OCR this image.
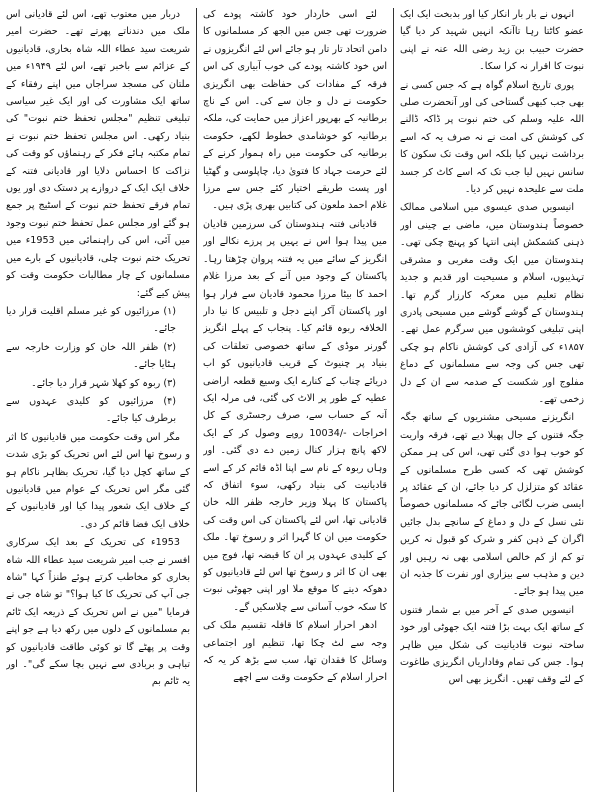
انہوں نے بار بار انکار کیا اور بدبخت ایک ایک عضو کاٹتا رہا تاآنکہ انہیں شہید کر دیا گیا حضرت حبیب بن زید رضی اللہ عنہ نے اپنی نبوت کا اقرار نہ کرا سکا۔

پوری تاریخ اسلام گواہ ہے کہ جس کسی نے بھی جب کبھی گستاخی کی اور آنحضرت صلی اللہ علیہ وسلم کی ختم نبوت پر ڈاکہ ڈالنے کی کوشش کی امت نے نہ صرف یہ کہ اسے برداشت نہیں کیا بلکہ اس وقت تک سکون کا سانس نہیں لیا جب تک کہ اسے کاٹ کر جسد ملت سے علیحدہ نہیں کر دیا۔

انیسویں صدی عیسوی میں اسلامی ممالک خصوصاً ہندوستان میں، ماضی بے چینی اور ذہنی کشمکش اپنی انتہا کو پہنچ چکی تھی۔ ہندوستان میں ایک وقت مغربی و مشرقی تہذیبوں، اسلام و مسیحیت اور قدیم و جدید نظام تعلیم میں معرکہ کارزار گرم تھا۔ ہندوستان کے گوشے گوشے میں مسیحی پادری اپنی تبلیغی کوششوں میں سرگرم عمل تھے۔ ۱۸۵۷ء کی آزادی کی کوشش ناکام ہو چکی تھی جس کی وجہ سے مسلمانوں کے دماغ مفلوج اور شکست کے صدمہ سے ان کے دل زخمی تھے۔

انگریزنے مسیحی مشنریوں کے ساتھ جگہ جگہ فتنوں کے جال پھیلا دیے تھے، فرقہ واریت کو خوب ہوا دی گئی تھی، اس کی ہر ممکن کوشش تھی کہ کسی طرح مسلمانوں کے عقائد کو متزلزل کر دیا جائے، ان کے عقائد پر ایسی ضرب لگائی جائے کہ مسلمانوں خصوصاً نئی نسل کے دل و دماغ کے سانچے بدل جائیں اگران کے ذہن کفر و شرک کو قبول نہ کریں تو کم از کم خالص اسلامی بھی نہ رہیں اور دین و مذہب سے بیزاری اور نفرت کا جذبہ ان میں پیدا ہو جائے۔

انیسویں صدی کے آخر میں بے شمار فتنوں کے ساتھ ایک بہت بڑا فتنہ ایک جھوٹی اور خود ساختہ نبوت قادیانیت کی شکل میں ظاہر ہوا۔ جس کی تمام وفاداریاں انگریزی طاغوت کے لئے وقف تھیں۔ انگریز بھی اس

لئے اسی خاردار خود کاشتہ پودے کی ضرورت تھی جس میں الجھ کر مسلمانوں کا دامن اتحاد تار تار ہو جائے اس لئے انگریزوں نے اس خود کاشتہ پودے کی خوب آبیاری کی اس فرقہ کے مفادات کی حفاظت بھی انگریزی حکومت نے دل و جان سے کی۔ اس کے ناچ برطانیہ کے بھرپور اعزاز میں حمایت کی، ملکہ برطانیہ کو خوشامدی خطوط لکھے، حکومت برطانیہ کی حکومت میں راہ ہموار کرنے کے لئے حرمت جہاد کا فتویٰ دیا، چاپلوسی و گھٹیا اور پست طریقے اختیار کئے جس سے مرزا غلام احمد ملعون کی کتابیں بھری پڑی ہیں۔

قادیانی فتنہ ہندوستان کی سرزمین قادیان میں پیدا ہوا اس نے یہیں پر پرزے نکالے اور انگریز کے سائے میں یہ فتنہ پروان چڑھتا رہا۔ پاکستان کے وجود میں آنے کے بعد مرزا غلام احمد کا بیٹا مرزا محمود قادیان سے فرار ہوا اور پاکستان آکر اپنے دجل و تلبیس کا نیا دار الخلافہ ربوہ قائم کیا۔ پنجاب کے پہلے انگریز گورنر موڈی کے ساتھ خصوصی تعلقات کی بنیاد پر چنیوٹ کے قریب قادیانیوں کو اب دریائے چناب کے کنارے ایک وسیع قطعہ اراضی عطیہ کے طور پر الاٹ کی گئی، فی مرلہ ایک آنہ کے حساب سے، صرف رجسٹری کے کل اخراجات -/10034 روپے وصول کر کے ایک لاکھ پانچ ہزار کنال زمین دے دی گئی۔ اور وہاں ربوہ کے نام سے اپنا اڈہ قائم کر کے اسے قادیانیت کی بنیاد رکھی، سوء اتفاق کہ پاکستان کا پہلا وزیر خارجہ ظفر اللہ خان قادیانی تھا، اس لئے پاکستان کی اس وقت کی حکومت میں ان کا گہرا اثر و رسوخ تھا۔ ملک کے کلیدی عہدوں پر ان کا قبضہ تھا، فوج میں بھی ان کا اثر و رسوخ تھا اس لئے قادیانیوں کو دھوکہ دینے کا موقع ملا اور اپنی جھوٹی نبوت کا سکہ خوب آسانی سے چلاسکیں گے۔

ادھر احرار اسلام کا قافلہ تقسیم ملک کی وجہ سے لٹ چکا تھا، تنظیم اور اجتماعی وسائل کا فقدان تھا، سب سے بڑھ کر یہ کہ احرار اسلام کے حکومت وقت سے اچھے

دربار میں معتوب تھے، اس لئے قادیانی اس ملک میں دندناتے پھرتے تھے۔ حضرت امیر شریعت سید عطاء اللہ شاہ بخاری، قادیانیوں کے عزائم سے باخبر تھے، اس لئے ۱۹۴۹ء میں ملتان کی مسجد سراجاں میں اپنے رفقاء کے ساتھ ایک مشاورت کی اور ایک غیر سیاسی تبلیغی تنظیم "مجلس تحفظ ختم نبوت" کی بنیاد رکھی۔ اس مجلس تحفظ ختم نبوت نے تمام مکتبہ ہائے فکر کے رہنماؤں کو وقت کی نزاکت کا احساس دلایا اور قادیانی فتنہ کے خلاف ایک ایک کے دروازے پر دستک دی اور یوں تمام فرقے تحفظ ختم نبوت کے اسٹیج پر جمع ہو گئے اور مجلس عمل تحفظ ختم نبوت وجود میں آئی، اس کی راہنمائی میں 1953ء میں تحریک ختم نبوت چلی، قادیانیوں کے بارے میں مسلمانوں کے چار مطالبات حکومت وقت کو پیش کیے گئے:

(۱) مرزائیوں کو غیر مسلم اقلیت قرار دیا جائے۔

(۲) ظفر اللہ خان کو وزارت خارجہ سے ہٹایا جائے۔

(۳) ربوہ کو کھلا شہر قرار دیا جائے۔

(۴) مرزائیوں کو کلیدی عہدوں سے برطرف کیا جائے۔

مگر اس وقت حکومت میں قادیانیوں کا اثر و رسوخ تھا اس لئے اس تحریک کو بڑی شدت کے ساتھ کچل دیا گیا، تحریک بظاہر ناکام ہو گئی مگر اس تحریک کے عوام میں قادیانیوں کے خلاف ایک شعور پیدا کیا اور قادیانیوں کے خلاف ایک فضا قائم کر دی۔

1953ء کی تحریک کے بعد ایک سرکاری افسر نے جب امیر شریعت سید عطاء اللہ شاہ بخاری کو مخاطب کرتے ہوئے طنزاً کہا "شاہ جی آپ کی تحریک کا کیا ہوا؟" تو شاہ جی نے فرمایا "میں نے اس تحریک کے ذریعہ ایک ٹائم بم مسلمانوں کے دلوں میں رکھ دیا ہے جو اپنے وقت پر پھٹے گا تو کوئی طاقت قادیانیوں کو تباہی و بربادی سے نہیں بچا سکے گی"۔ اور یہ ٹائم بم
